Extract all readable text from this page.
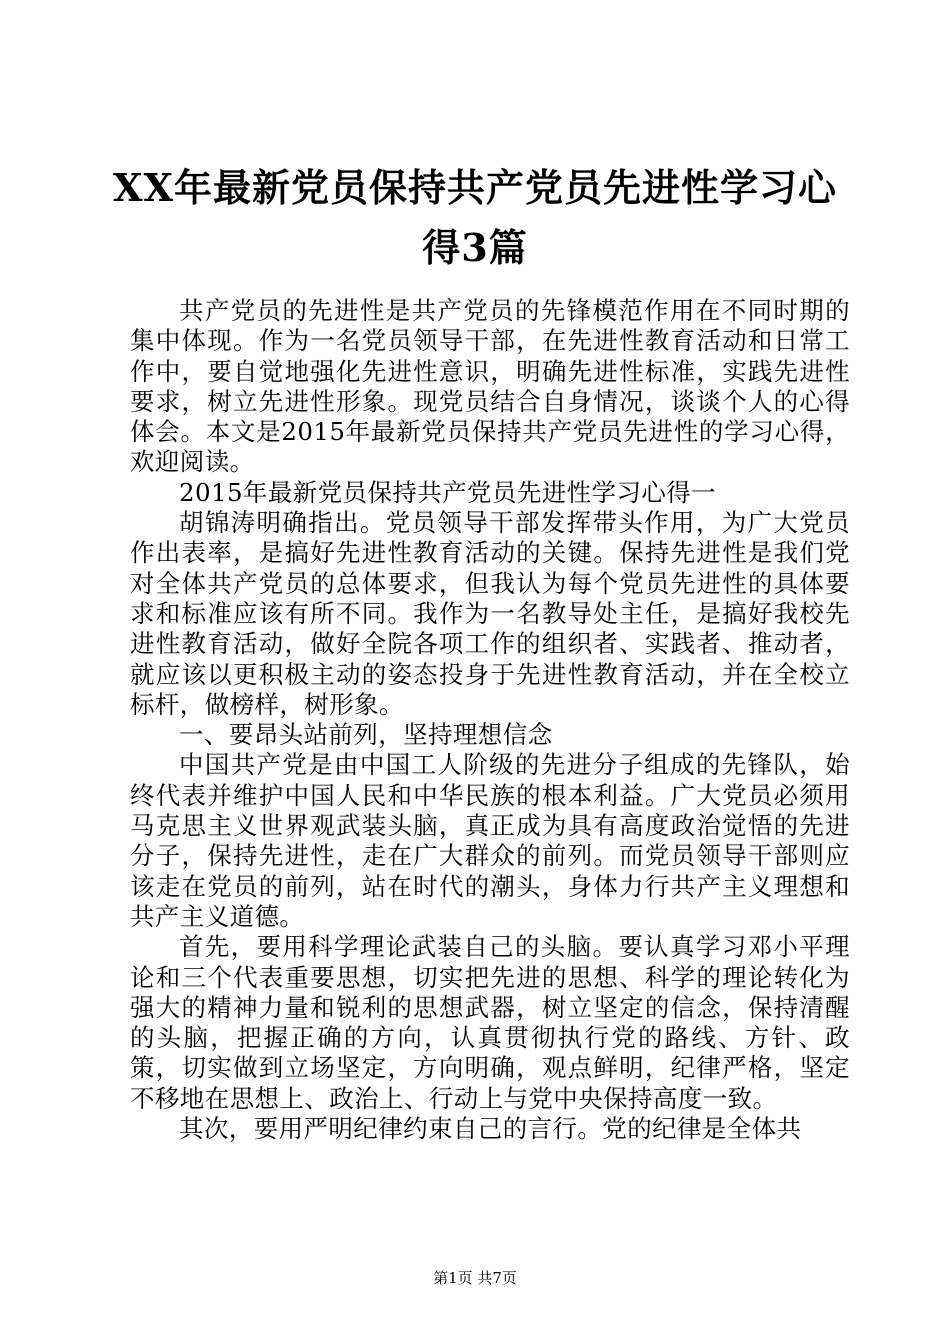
XX年最新党员保持共产党员先进性学习心得3篇

共产党员的先进性是共产党员的先锋模范作用在不同时期的集中体现。作为一名党员领导干部，在先进性教育活动和日常工作中，要自觉地强化先进性意识，明确先进性标准，实践先进性要求，树立先进性形象。现党员结合自身情况，谈谈个人的心得体会。本文是2015年最新党员保持共产党员先进性的学习心得，欢迎阅读。

2015年最新党员保持共产党员先进性学习心得一

胡锦涛明确指出。党员领导干部发挥带头作用，为广大党员作出表率，是搞好先进性教育活动的关键。保持先进性是我们党对全体共产党员的总体要求，但我认为每个党员先进性的具体要求和标准应该有所不同。我作为一名教导处主任，是搞好我校先进性教育活动，做好全院各项工作的组织者、实践者、推动者，就应该以更积极主动的姿态投身于先进性教育活动，并在全校立标杆，做榜样，树形象。

一、要昂头站前列，坚持理想信念

中国共产党是由中国工人阶级的先进分子组成的先锋队，始终代表并维护中国人民和中华民族的根本利益。广大党员必须用马克思主义世界观武装头脑，真正成为具有高度政治觉悟的先进分子，保持先进性，走在广大群众的前列。而党员领导干部则应该走在党员的前列，站在时代的潮头，身体力行共产主义理想和共产主义道德。

首先，要用科学理论武装自己的头脑。要认真学习邓小平理论和三个代表重要思想，切实把先进的思想、科学的理论转化为强大的精神力量和锐利的思想武器，树立坚定的信念，保持清醒的头脑，把握正确的方向，认真贯彻执行党的路线、方针、政策，切实做到立场坚定，方向明确，观点鲜明，纪律严格，坚定不移地在思想上、政治上、行动上与党中央保持高度一致。

其次，要用严明纪律约束自己的言行。党的纪律是全体共

第1页 共7页
